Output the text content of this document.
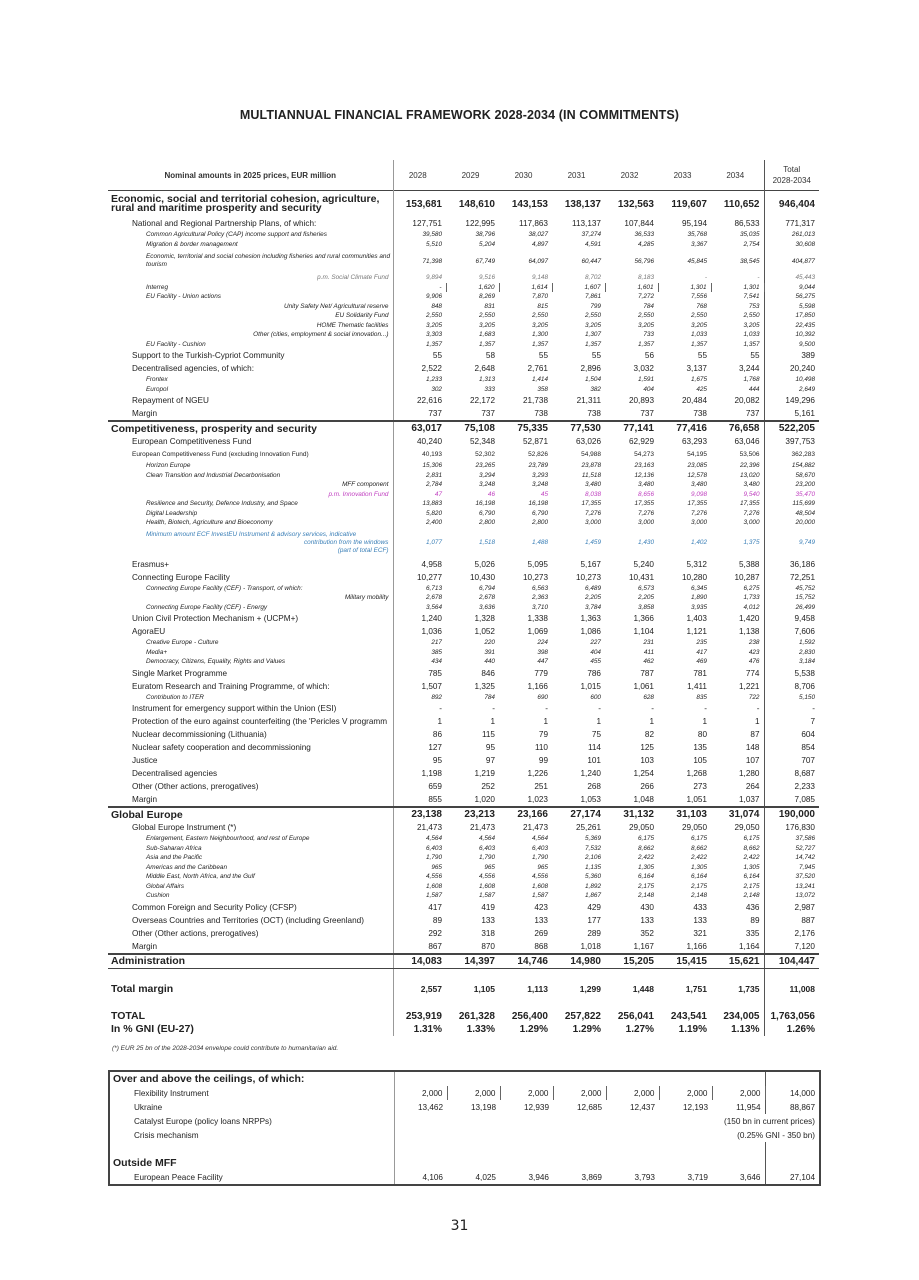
MULTIANNUAL FINANCIAL FRAMEWORK 2028-2034 (IN COMMITMENTS)
Nominal amounts in 2025 prices, EUR million	2028	2029	2030	2031	2032	2033	2034	Total
2028-2034
Economic, social and territorial cohesion, agriculture, rural and maritime prosperity and security	153,681	148,610	143,153	138,137	132,563	119,607	110,652	946,404
National and Regional Partnership Plans, of which:	127,751	122,995	117,863	113,137	107,844	95,194	86,533	771,317
Common Agricultural Policy (CAP) income support and fisheries	39,580	38,796	38,027	37,274	36,533	35,768	35,035	261,013
Migration & border management	5,510	5,204	4,897	4,591	4,285	3,367	2,754	30,608
Economic, territorial and social cohesion including fisheries and rural communities and tourism	71,398	67,749	64,097	60,447	56,796	45,845	38,545	404,877
p.m. Social Climate Fund	9,894	9,516	9,148	8,702	8,183	-	-	45,443
Interreg	-	1,620	1,614	1,607	1,601	1,301	1,301	9,044
EU Facility - Union actions	9,906	8,269	7,870	7,861	7,272	7,556	7,541	56,275
Unity Safety Net/ Agricultural reserve	848	831	815	799	784	768	753	5,598
EU Solidarity Fund	2,550	2,550	2,550	2,550	2,550	2,550	2,550	17,850
HOME Thematic facilities	3,205	3,205	3,205	3,205	3,205	3,205	3,205	22,435
Other (cities, employment & social innovation...)	3,303	1,683	1,300	1,307	733	1,033	1,033	10,392
EU Facility - Cushion	1,357	1,357	1,357	1,357	1,357	1,357	1,357	9,500
Support to the Turkish-Cypriot Community	55	58	55	55	56	55	55	389
Decentralised agencies, of which:	2,522	2,648	2,761	2,896	3,032	3,137	3,244	20,240
Frontex	1,233	1,313	1,414	1,504	1,591	1,675	1,768	10,498
Europol	302	333	358	382	404	425	444	2,649
Repayment of NGEU	22,616	22,172	21,738	21,311	20,893	20,484	20,082	149,296
Margin	737	737	738	738	737	738	737	5,161
Competitiveness, prosperity and security	63,017	75,108	75,335	77,530	77,141	77,416	76,658	522,205
European Competitiveness Fund	40,240	52,348	52,871	63,026	62,929	63,293	63,046	397,753
European Competitiveness Fund (excluding Innovation Fund)	40,193	52,302	52,826	54,988	54,273	54,195	53,506	362,283
Horizon Europe	15,306	23,265	23,789	23,878	23,163	23,085	22,396	154,882
Clean Transition and Industrial Decarbonisation	2,831	3,294	3,293	11,518	12,136	12,578	13,020	58,670
MFF component	2,784	3,248	3,248	3,480	3,480	3,480	3,480	23,200
p.m. Innovation Fund	47	46	45	8,038	8,656	9,098	9,540	35,470
Resilience and Security, Defence Industry, and Space	13,883	16,198	16,198	17,355	17,355	17,355	17,355	115,699
Digital Leadership	5,820	6,790	6,790	7,276	7,276	7,276	7,276	48,504
Health, Biotech, Agriculture and Bioeconomy	2,400	2,800	2,800	3,000	3,000	3,000	3,000	20,000

Minimum amount ECF InvestEU Instrument & advisory services, indicative
contribution from the windows
(part of total ECF)	1,077	1,518	1,488	1,459	1,430	1,402	1,375	9,749
Erasmus+	4,958	5,026	5,095	5,167	5,240	5,312	5,388	36,186
Connecting Europe Facility	10,277	10,430	10,273	10,273	10,431	10,280	10,287	72,251
Connecting Europe Facility (CEF) - Transport, of which:	6,713	6,794	6,563	6,489	6,573	6,345	6,275	45,752
Military mobility	2,678	2,678	2,363	2,205	2,205	1,890	1,733	15,752
Connecting Europe Facility (CEF) - Energy	3,564	3,636	3,710	3,784	3,858	3,935	4,012	26,499
Union Civil Protection Mechanism + (UCPM+)	1,240	1,328	1,338	1,363	1,366	1,403	1,420	9,458
AgoraEU	1,036	1,052	1,069	1,086	1,104	1,121	1,138	7,606
Creative Europe - Culture	217	220	224	227	231	235	238	1,592
Media+	385	391	398	404	411	417	423	2,830
Democracy, Citizens, Equality, Rights and Values	434	440	447	455	462	469	476	3,184
Single Market Programme	785	846	779	786	787	781	774	5,538
Euratom Research and Training Programme, of which:	1,507	1,325	1,166	1,015	1,061	1,411	1,221	8,706
Contribution to ITER	892	784	690	600	628	835	722	5,150
Instrument for emergency support within the Union (ESI)	-	-	-	-	-	-	-	-
Protection of the euro against counterfeiting (the 'Pericles V programm	1	1	1	1	1	1	1	7
Nuclear decommissioning (Lithuania)	86	115	79	75	82	80	87	604
Nuclear safety cooperation and decommissioning	127	95	110	114	125	135	148	854
Justice	95	97	99	101	103	105	107	707
Decentralised agencies	1,198	1,219	1,226	1,240	1,254	1,268	1,280	8,687
Other (Other actions, prerogatives)	659	252	251	268	266	273	264	2,233
Margin	855	1,020	1,023	1,053	1,048	1,051	1,037	7,085
Global Europe	23,138	23,213	23,166	27,174	31,132	31,103	31,074	190,000
Global Europe Instrument (*)	21,473	21,473	21,473	25,261	29,050	29,050	29,050	176,830
Enlargement, Eastern Neighbourhood, and rest of Europe	4,564	4,564	4,564	5,369	6,175	6,175	6,175	37,586
Sub-Saharan Africa	6,403	6,403	6,403	7,532	8,662	8,662	8,662	52,727
Asia and the Pacific	1,790	1,790	1,790	2,106	2,422	2,422	2,422	14,742
Americas and the Caribbean	965	965	965	1,135	1,305	1,305	1,305	7,945
Middle East, North Africa, and the Gulf	4,556	4,556	4,556	5,360	6,164	6,164	6,164	37,520
Global Affairs	1,608	1,608	1,608	1,892	2,175	2,175	2,175	13,241
Cushion	1,587	1,587	1,587	1,867	2,148	2,148	2,148	13,072
Common Foreign and Security Policy (CFSP)	417	419	423	429	430	433	436	2,987
Overseas Countries and Territories (OCT) (including Greenland)	89	133	133	177	133	133	89	887
Other (Other actions, prerogatives)	292	318	269	289	352	321	335	2,176
Margin	867	870	868	1,018	1,167	1,166	1,164	7,120
Administration	14,083	14,397	14,746	14,980	15,205	15,415	15,621	104,447

Total margin	2,557	1,105	1,113	1,299	1,448	1,751	1,735	11,008

TOTAL	253,919	261,328	256,400	257,822	256,041	243,541	234,005	1,763,056
In % GNI (EU-27)	1.31%	1.33%	1.29%	1.29%	1.27%	1.19%	1.13%	1.26%
(*) EUR 25 bn of the 2028-2034 envelope could contribute to humanitarian aid.
Over and above the ceilings, of which:								
Flexibility Instrument	2,000	2,000	2,000	2,000	2,000	2,000	2,000	14,000
Ukraine	13,462	13,198	12,939	12,685	12,437	12,193	11,954	88,867
Catalyst Europe (policy loans NRPPs)	(150 bn in current prices)							
Crisis mechanism	(0.25% GNI - 350 bn)							

Outside MFF								
European Peace Facility	4,106	4,025	3,946	3,869	3,793	3,719	3,646	27,104
31
